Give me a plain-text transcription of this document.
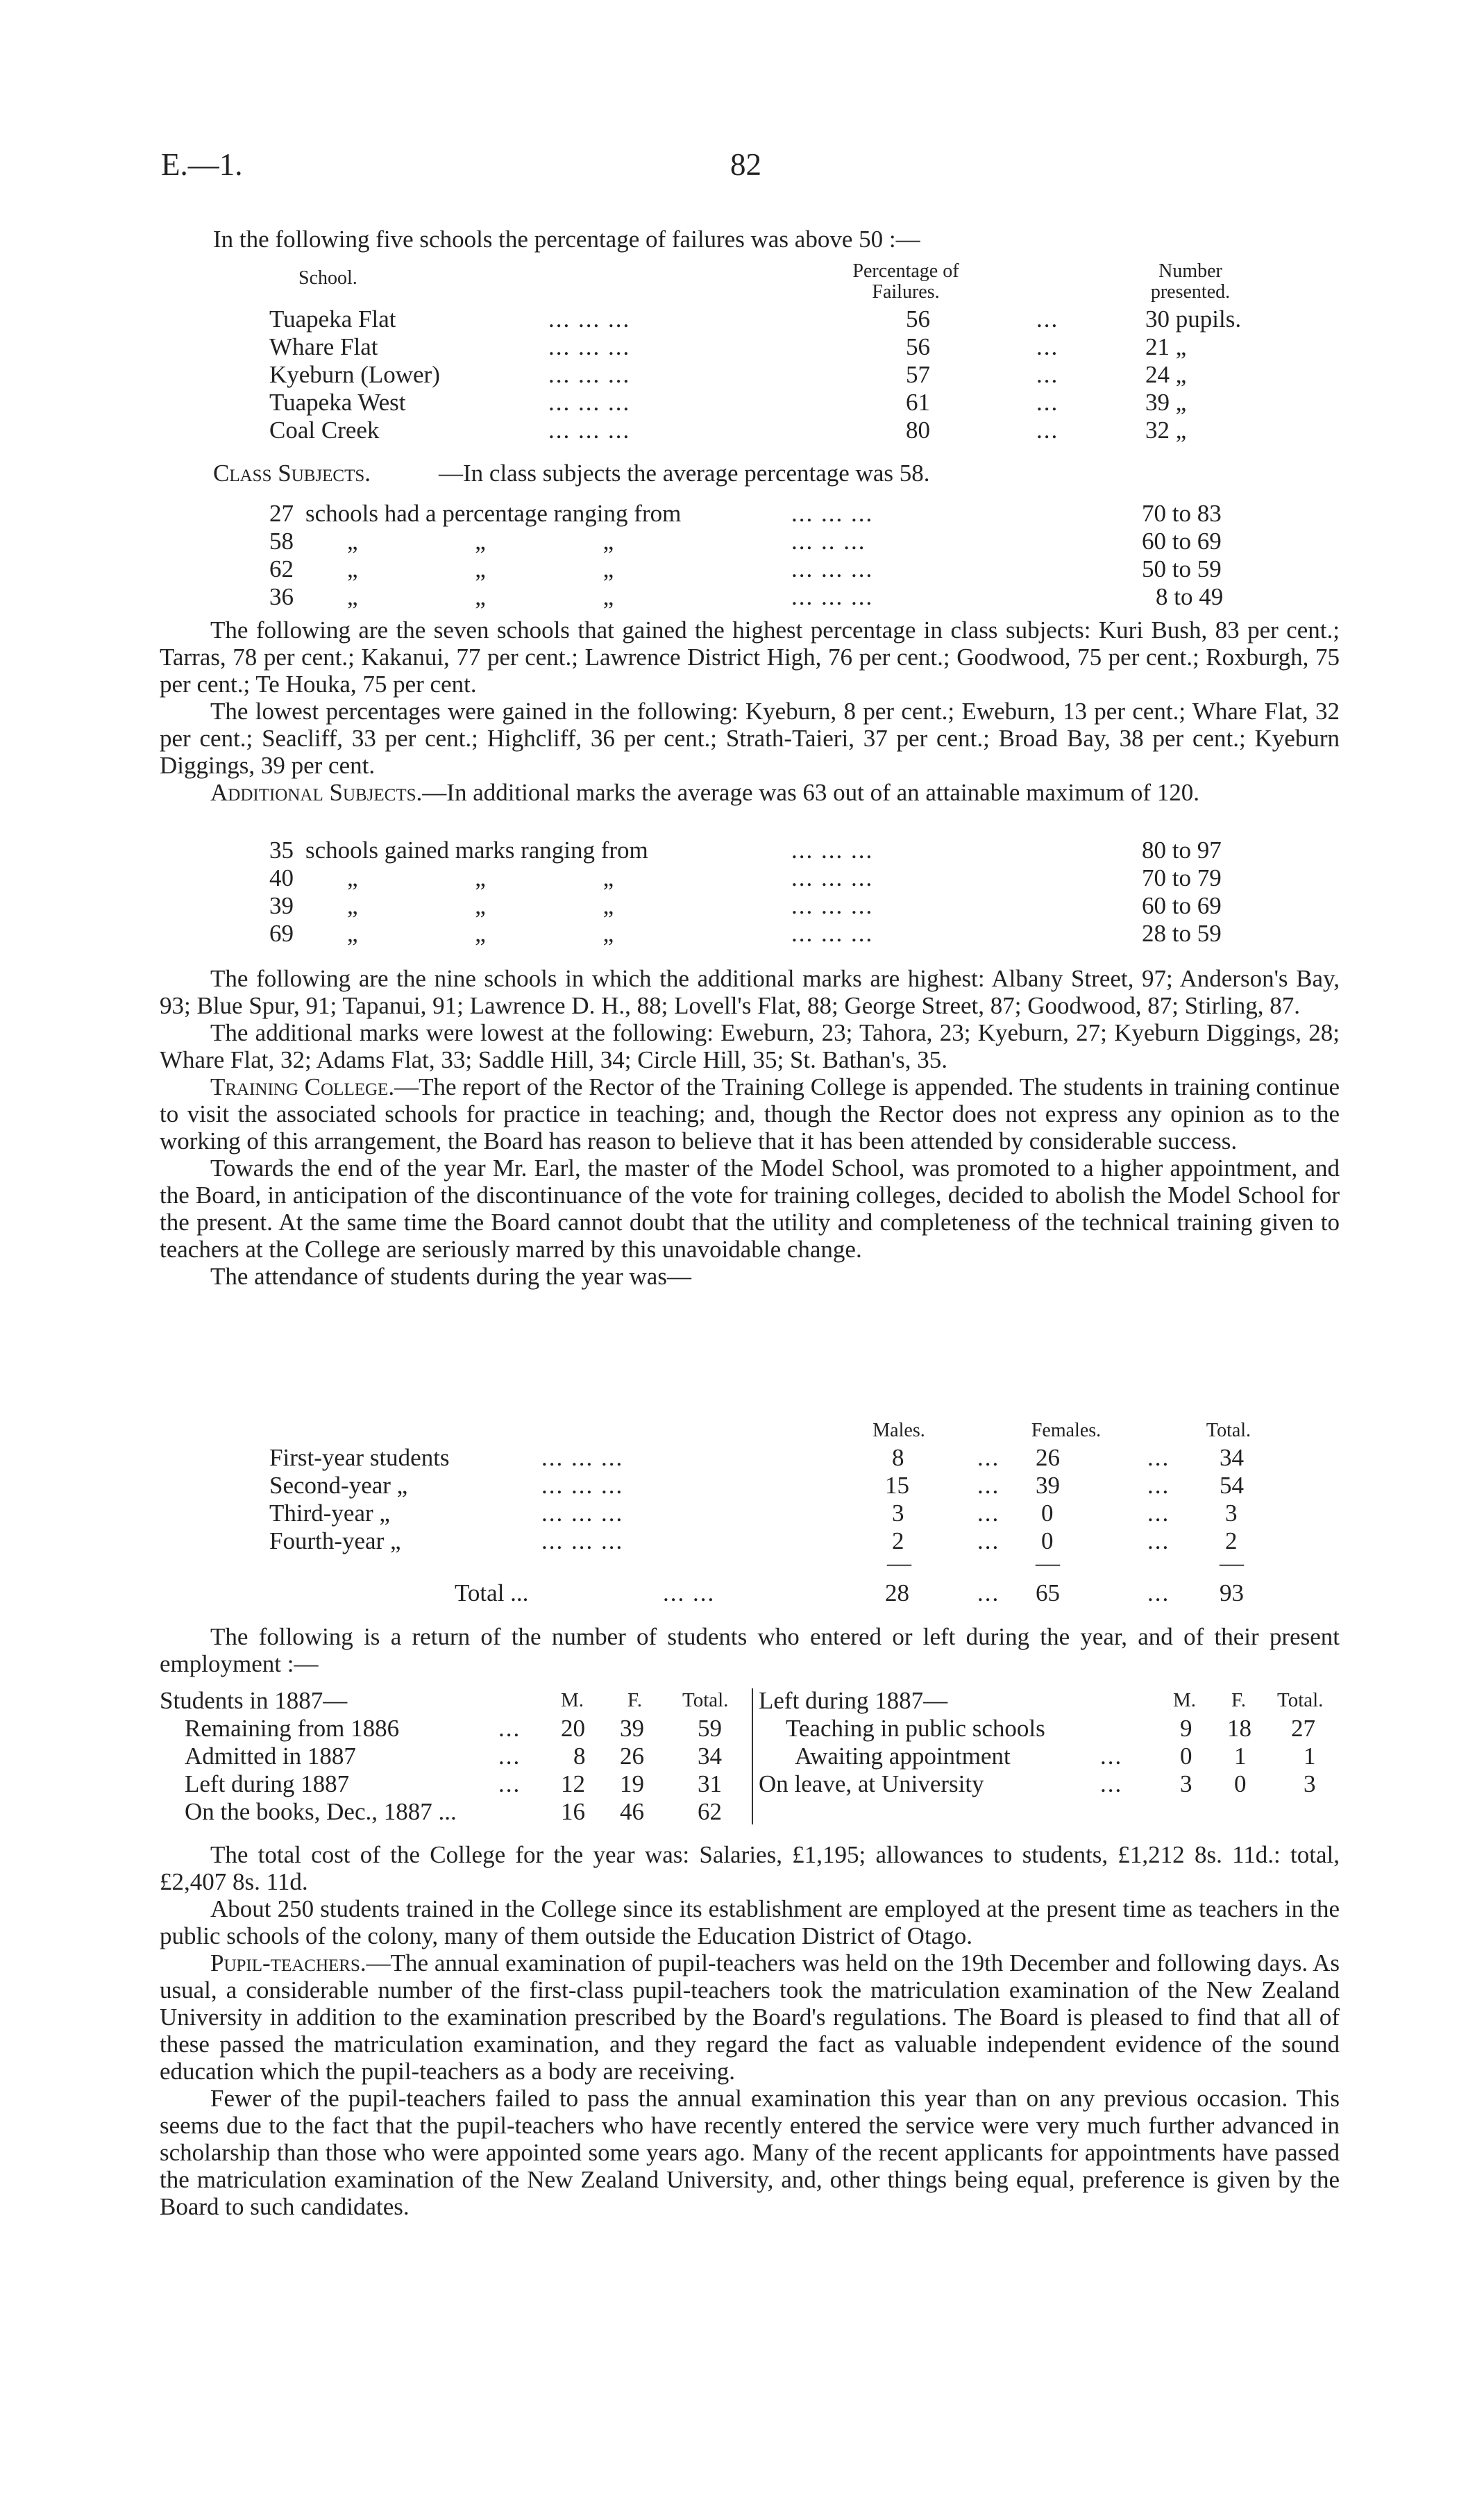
E.—1.	82
In the following five schools the percentage of failures was above 50 :—
School.	Percentage of Failures.
Number presented.
Tuapeka Flat	... ... ...	56	...	30 pupils.
Whare Flat	... ... ...	56	...	21 „
Kyeburn (Lower)	... ... ...	57	...	24 „
Tuapeka West	... ... ...	61	...	39 „
Coal Creek	... ... ...	80	...	32 „
Class Subjects.	—In class subjects the average percentage was 58.
27 schools had a percentage ranging from	... ... ...	70 to 83
58 „ „ „	... .. ...	60 to 69
62 „ „ „	... ... ...	50 to 59
36 „ „ „	... ... ...	8 to 49

The following are the seven schools that gained the highest percentage in class subjects: Kuri Bush, 83 per cent.; Tarras, 78 per cent.; Kakanui, 77 per cent.; Lawrence District High, 76 per cent.; Goodwood, 75 per cent.; Roxburgh, 75 per cent.; Te Houka, 75 per cent.

The lowest percentages were gained in the following: Kyeburn, 8 per cent.; Eweburn, 13 per cent.; Whare Flat, 32 per cent.; Seacliff, 33 per cent.; Highcliff, 36 per cent.; Strath-Taieri, 37 per cent.; Broad Bay, 38 per cent.; Kyeburn Diggings, 39 per cent.

Additional Subjects.—In additional marks the average was 63 out of an attainable maximum of 120.

35 schools gained marks ranging from	... ... ...	80 to 97
40 „ „ „	... ... ...	70 to 79
39 „ „ „	... ... ...	60 to 69
69 „ „ „	... ... ...	28 to 59

The following are the nine schools in which the additional marks are highest: Albany Street, 97; Anderson's Bay, 93; Blue Spur, 91; Tapanui, 91; Lawrence D. H., 88; Lovell's Flat, 88; George Street, 87; Goodwood, 87; Stirling, 87.

The additional marks were lowest at the following: Eweburn, 23; Tahora, 23; Kyeburn, 27; Kyeburn Diggings, 28; Whare Flat, 32; Adams Flat, 33; Saddle Hill, 34; Circle Hill, 35; St. Bathan's, 35.

Training College.—The report of the Rector of the Training College is appended. The students in training continue to visit the associated schools for practice in teaching; and, though the Rector does not express any opinion as to the working of this arrangement, the Board has reason to believe that it has been attended by considerable success.

Towards the end of the year Mr. Earl, the master of the Model School, was promoted to a higher appointment, and the Board, in anticipation of the discontinuance of the vote for training colleges, decided to abolish the Model School for the present. At the same time the Board cannot doubt that the utility and completeness of the technical training given to teachers at the College are seriously marred by this unavoidable change.

The attendance of students during the year was—

Males.	Females.	Total.
First-year students	... ... ...	8	... 26	... 34
Second-year „	... ... ...	15	... 39	... 54
Third-year „	... ... ...	3	... 0	... 3
Fourth-year „	... ... ...	2	... 0	... 2
—	—	—
Total ...	... ...	28	... 65	... 93

The following is a return of the number of students who entered or left during the year, and of their present employment :—

Students in 1887—	M. F. Total.
Remaining from 1886	... 20 39 59
Admitted in 1887	... 8 26 34
Left during 1887	... 12 19 31
On the books, Dec., 1887 ...	16 46 62
Left during 1887—	M. F. Total.
Teaching in public schools	9 18 27
Awaiting appointment	... 0 1 1
On leave, at University	... 3 0 3

The total cost of the College for the year was: Salaries, £1,195; allowances to students, £1,212 8s. 11d.: total, £2,407 8s. 11d.

About 250 students trained in the College since its establishment are employed at the present time as teachers in the public schools of the colony, many of them outside the Education District of Otago.

Pupil-teachers.—The annual examination of pupil-teachers was held on the 19th December and following days. As usual, a considerable number of the first-class pupil-teachers took the matriculation examination of the New Zealand University in addition to the examination prescribed by the Board's regulations. The Board is pleased to find that all of these passed the matriculation examination, and they regard the fact as valuable independent evidence of the sound education which the pupil-teachers as a body are receiving.

Fewer of the pupil-teachers failed to pass the annual examination this year than on any previous occasion. This seems due to the fact that the pupil-teachers who have recently entered the service were very much further advanced in scholarship than those who were appointed some years ago. Many of the recent applicants for appointments have passed the matriculation examination of the New Zealand University, and, other things being equal, preference is given by the Board to such candidates.
